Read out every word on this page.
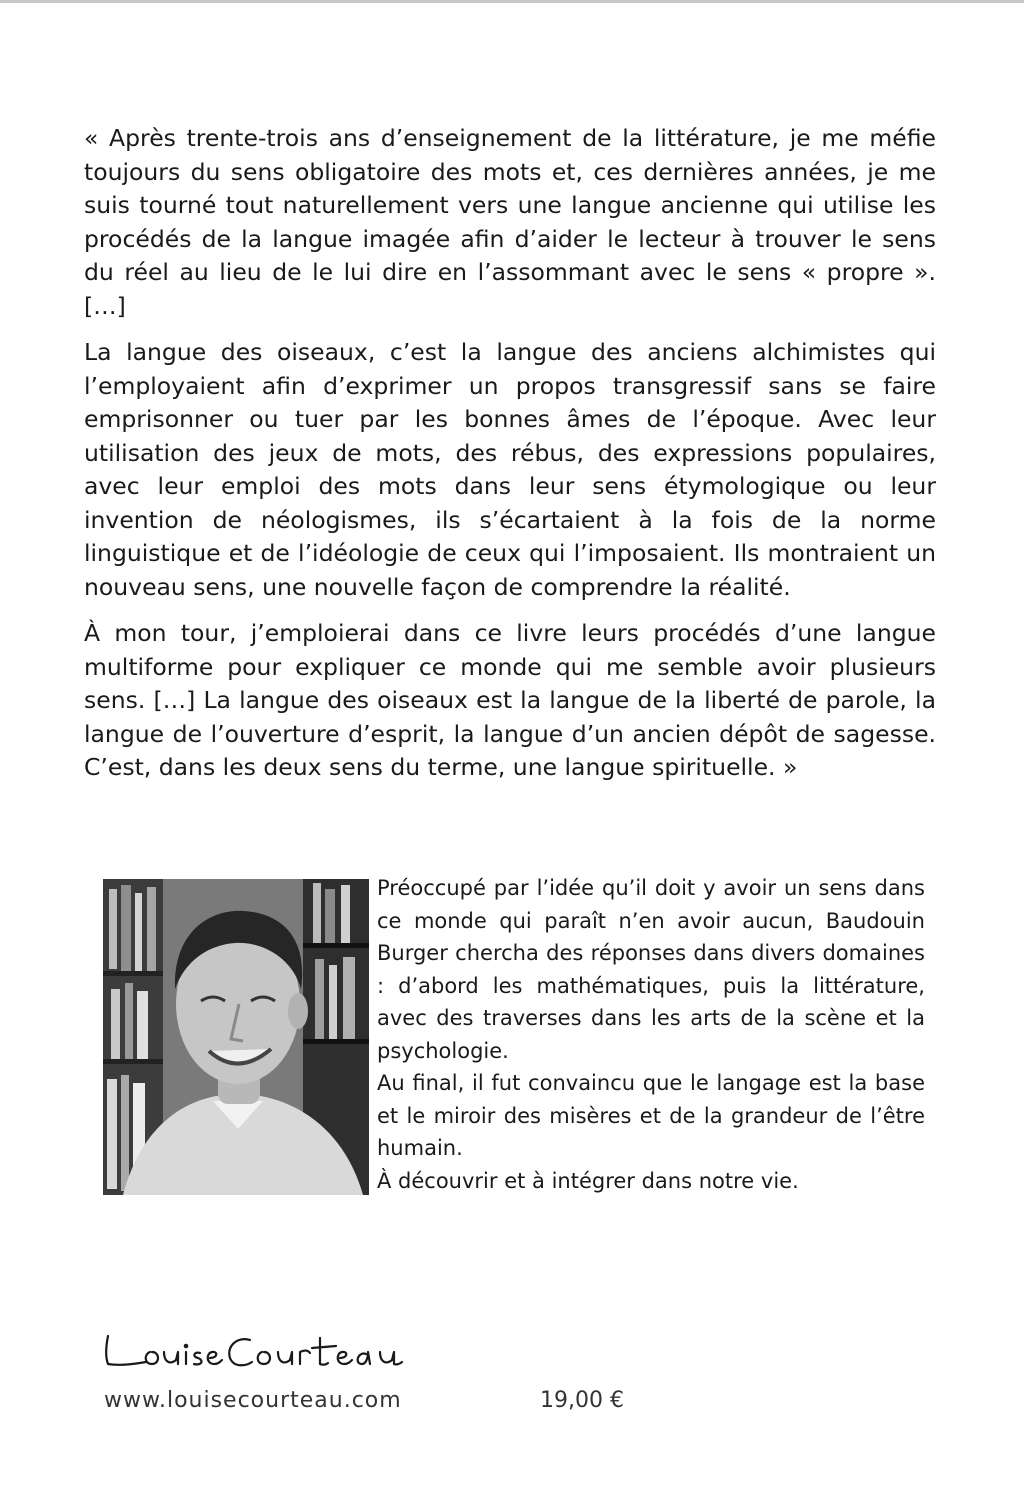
« Après trente-trois ans d’enseignement de la littérature, je me méfie toujours du sens obligatoire des mots et, ces dernières années, je me suis tourné tout naturellement vers une langue ancienne qui utilise les procédés de la langue imagée afin d’aider le lecteur à trouver le sens du réel au lieu de le lui dire en l’assommant avec le sens « propre ». […]

La langue des oiseaux, c’est la langue des anciens alchimistes qui l’employaient afin d’exprimer un propos transgressif sans se faire emprisonner ou tuer par les bonnes âmes de l’époque. Avec leur utilisation des jeux de mots, des rébus, des expressions populaires, avec leur emploi des mots dans leur sens étymologique ou leur invention de néologismes, ils s’écartaient à la fois de la norme linguistique et de l’idéologie de ceux qui l’imposaient. Ils montraient un nouveau sens, une nouvelle façon de comprendre la réalité.

À mon tour, j’emploierai dans ce livre leurs procédés d’une langue multiforme pour expliquer ce monde qui me semble avoir plusieurs sens. […] La langue des oiseaux est la langue de la liberté de parole, la langue de l’ouverture d’esprit, la langue d’un ancien dépôt de sagesse. C’est, dans les deux sens du terme, une langue spirituelle. »

Préoccupé par l’idée qu’il doit y avoir un sens dans ce monde qui paraît n’en avoir aucun, Baudouin Burger chercha des réponses dans divers domaines : d’abord les mathématiques, puis la littérature, avec des traverses dans les arts de la scène et la psychologie.

Au final, il fut convaincu que le langage est la base et le miroir des misères et de la grandeur de l’être humain.

À découvrir et à intégrer dans notre vie.

www.louisecourteau.com	19,00 €
